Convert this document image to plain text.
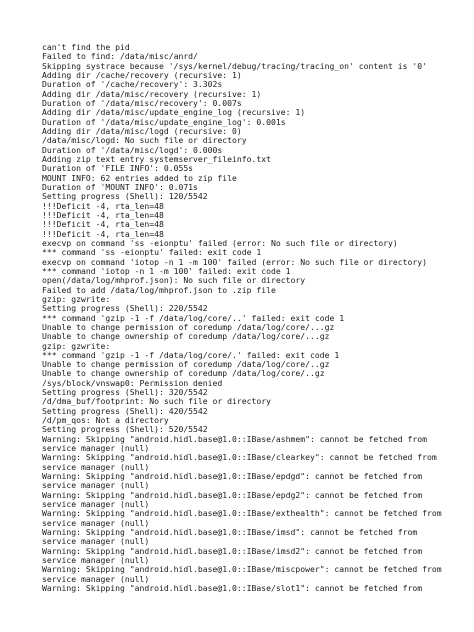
can't find the pid
Failed to find: /data/misc/anrd/
Skipping systrace because '/sys/kernel/debug/tracing/tracing_on' content is '0'
Adding dir /cache/recovery (recursive: 1)
Duration of '/cache/recovery': 3.302s
Adding dir /data/misc/recovery (recursive: 1)
Duration of '/data/misc/recovery': 0.007s
Adding dir /data/misc/update_engine_log (recursive: 1)
Duration of '/data/misc/update_engine_log': 0.001s
Adding dir /data/misc/logd (recursive: 0)
/data/misc/logd: No such file or directory
Duration of '/data/misc/logd': 0.000s
Adding zip text entry systemserver_fileinfo.txt
Duration of 'FILE INFO': 0.055s
MOUNT INFO: 62 entries added to zip file
Duration of 'MOUNT INFO': 0.071s
Setting progress (Shell): 120/5542
!!!Deficit -4, rta_len=48
!!!Deficit -4, rta_len=48
!!!Deficit -4, rta_len=48
!!!Deficit -4, rta_len=48
execvp on command 'ss -eionptu' failed (error: No such file or directory)
*** command 'ss -eionptu' failed: exit code 1
execvp on command 'iotop -n 1 -m 100' failed (error: No such file or directory)
*** command 'iotop -n 1 -m 100' failed: exit code 1
open(/data/log/mhprof.json): No such file or directory
Failed to add /data/log/mhprof.json to .zip file
gzip: gzwrite:
Setting progress (Shell): 220/5542
*** command 'gzip -1 -f /data/log/core/..' failed: exit code 1
Unable to change permission of coredump /data/log/core/...gz
Unable to change ownership of coredump /data/log/core/...gz
gzip: gzwrite:
*** command 'gzip -1 -f /data/log/core/.' failed: exit code 1
Unable to change permission of coredump /data/log/core/..gz
Unable to change ownership of coredump /data/log/core/..gz
/sys/block/vnswap0: Permission denied
Setting progress (Shell): 320/5542
/d/dma_buf/footprint: No such file or directory
Setting progress (Shell): 420/5542
/d/pm_qos: Not a directory
Setting progress (Shell): 520/5542
Warning: Skipping "android.hidl.base@1.0::IBase/ashmem": cannot be fetched from
service manager (null)
Warning: Skipping "android.hidl.base@1.0::IBase/clearkey": cannot be fetched from
service manager (null)
Warning: Skipping "android.hidl.base@1.0::IBase/epdgd": cannot be fetched from
service manager (null)
Warning: Skipping "android.hidl.base@1.0::IBase/epdg2": cannot be fetched from
service manager (null)
Warning: Skipping "android.hidl.base@1.0::IBase/exthealth": cannot be fetched from
service manager (null)
Warning: Skipping "android.hidl.base@1.0::IBase/imsd": cannot be fetched from
service manager (null)
Warning: Skipping "android.hidl.base@1.0::IBase/imsd2": cannot be fetched from
service manager (null)
Warning: Skipping "android.hidl.base@1.0::IBase/miscpower": cannot be fetched from
service manager (null)
Warning: Skipping "android.hidl.base@1.0::IBase/slot1": cannot be fetched from
